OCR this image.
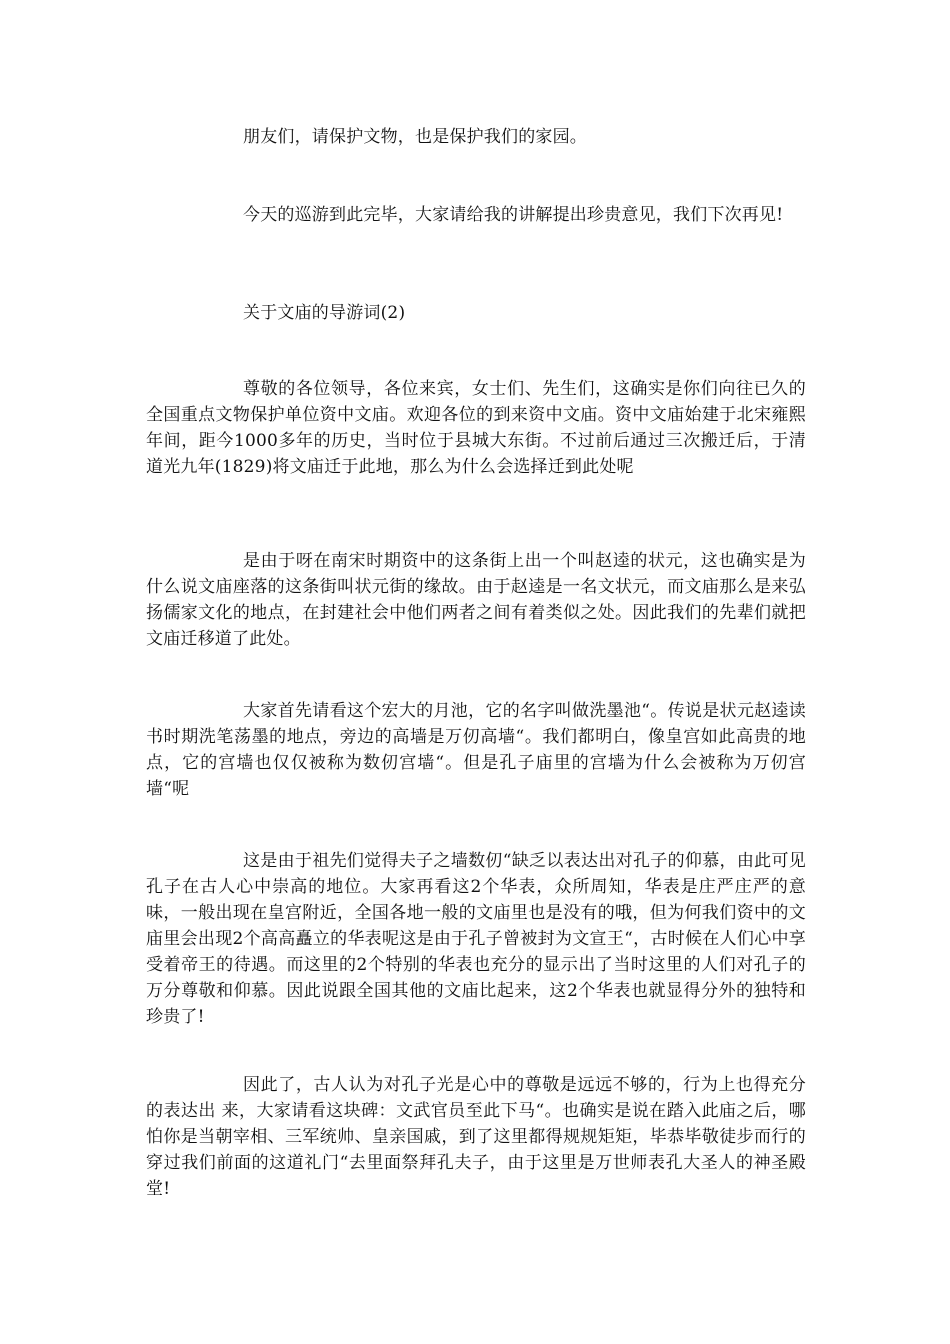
朋友们，请保护文物，也是保护我们的家园。

今天的巡游到此完毕，大家请给我的讲解提出珍贵意见，我们下次再见!

关于文庙的导游词(2)

尊敬的各位领导，各位来宾，女士们、先生们，这确实是你们向往已久的全国重点文物保护单位资中文庙。欢迎各位的到来资中文庙。资中文庙始建于北宋雍熙年间，距今1000多年的历史，当时位于县城大东街。不过前后通过三次搬迁后，于清道光九年(1829)将文庙迁于此地，那么为什么会选择迁到此处呢

是由于呀在南宋时期资中的这条街上出一个叫赵逵的状元，这也确实是为什么说文庙座落的这条街叫状元街的缘故。由于赵逵是一名文状元，而文庙那么是来弘扬儒家文化的地点，在封建社会中他们两者之间有着类似之处。因此我们的先辈们就把文庙迁移道了此处。

大家首先请看这个宏大的月池，它的名字叫做洗墨池“。传说是状元赵逵读书时期洗笔荡墨的地点，旁边的高墙是万仞高墙“。我们都明白，像皇宫如此高贵的地点，它的宫墙也仅仅被称为数仞宫墙“。但是孔子庙里的宫墙为什么会被称为万仞宫墙“呢

这是由于祖先们觉得夫子之墙数仞“缺乏以表达出对孔子的仰慕，由此可见孔子在古人心中崇高的地位。大家再看这2个华表，众所周知，华表是庄严庄严的意味，一般出现在皇宫附近，全国各地一般的文庙里也是没有的哦，但为何我们资中的文庙里会出现2个高高矗立的华表呢这是由于孔子曾被封为文宣王“，古时候在人们心中享受着帝王的待遇。而这里的2个特别的华表也充分的显示出了当时这里的人们对孔子的万分尊敬和仰慕。因此说跟全国其他的文庙比起来，这2个华表也就显得分外的独特和珍贵了!

因此了，古人认为对孔子光是心中的尊敬是远远不够的，行为上也得充分的表达出 来，大家请看这块碑：文武官员至此下马“。也确实是说在踏入此庙之后，哪怕你是当朝宰相、三军统帅、皇亲国戚，到了这里都得规规矩矩，毕恭毕敬徒步而行的穿过我们前面的这道礼门“去里面祭拜孔夫子，由于这里是万世师表孔大圣人的神圣殿堂!
